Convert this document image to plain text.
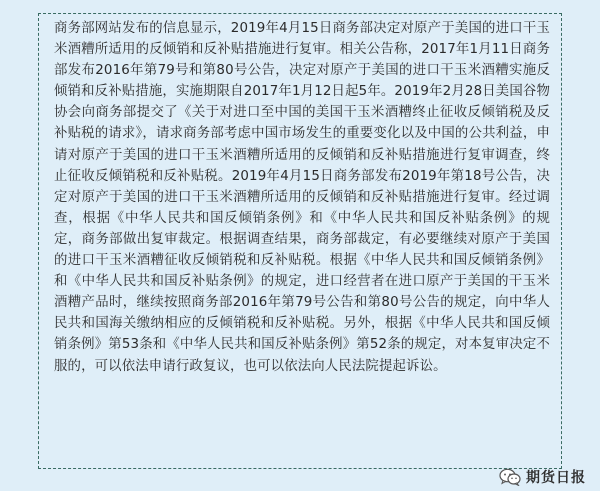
商务部网站发布的信息显示，2019年4月15日商务部决定对原产于美国的进口干玉米酒糟所适用的反倾销和反补贴措施进行复审。相关公告称，2017年1月11日商务部发布2016年第79号和第80号公告，决定对原产于美国的进口干玉米酒糟实施反倾销和反补贴措施，实施期限自2017年1月12日起5年。2019年2月28日美国谷物协会向商务部提交了《关于对进口至中国的美国干玉米酒糟终止征收反倾销税及反补贴税的请求》，请求商务部考虑中国市场发生的重要变化以及中国的公共利益，申请对原产于美国的进口干玉米酒糟所适用的反倾销和反补贴措施进行复审调查，终止征收反倾销税和反补贴税。2019年4月15日商务部发布2019年第18号公告，决定对原产于美国的进口干玉米酒糟所适用的反倾销和反补贴措施进行复审。经过调查，根据《中华人民共和国反倾销条例》和《中华人民共和国反补贴条例》的规定，商务部做出复审裁定。根据调查结果，商务部裁定，有必要继续对原产于美国的进口干玉米酒糟征收反倾销税和反补贴税。根据《中华人民共和国反倾销条例》和《中华人民共和国反补贴条例》的规定，进口经营者在进口原产于美国的干玉米酒糟产品时，继续按照商务部2016年第79号公告和第80号公告的规定，向中华人民共和国海关缴纳相应的反倾销税和反补贴税。另外，根据《中华人民共和国反倾销条例》第53条和《中华人民共和国反补贴条例》第52条的规定，对本复审决定不服的，可以依法申请行政复议，也可以依法向人民法院提起诉讼。

期货日报
